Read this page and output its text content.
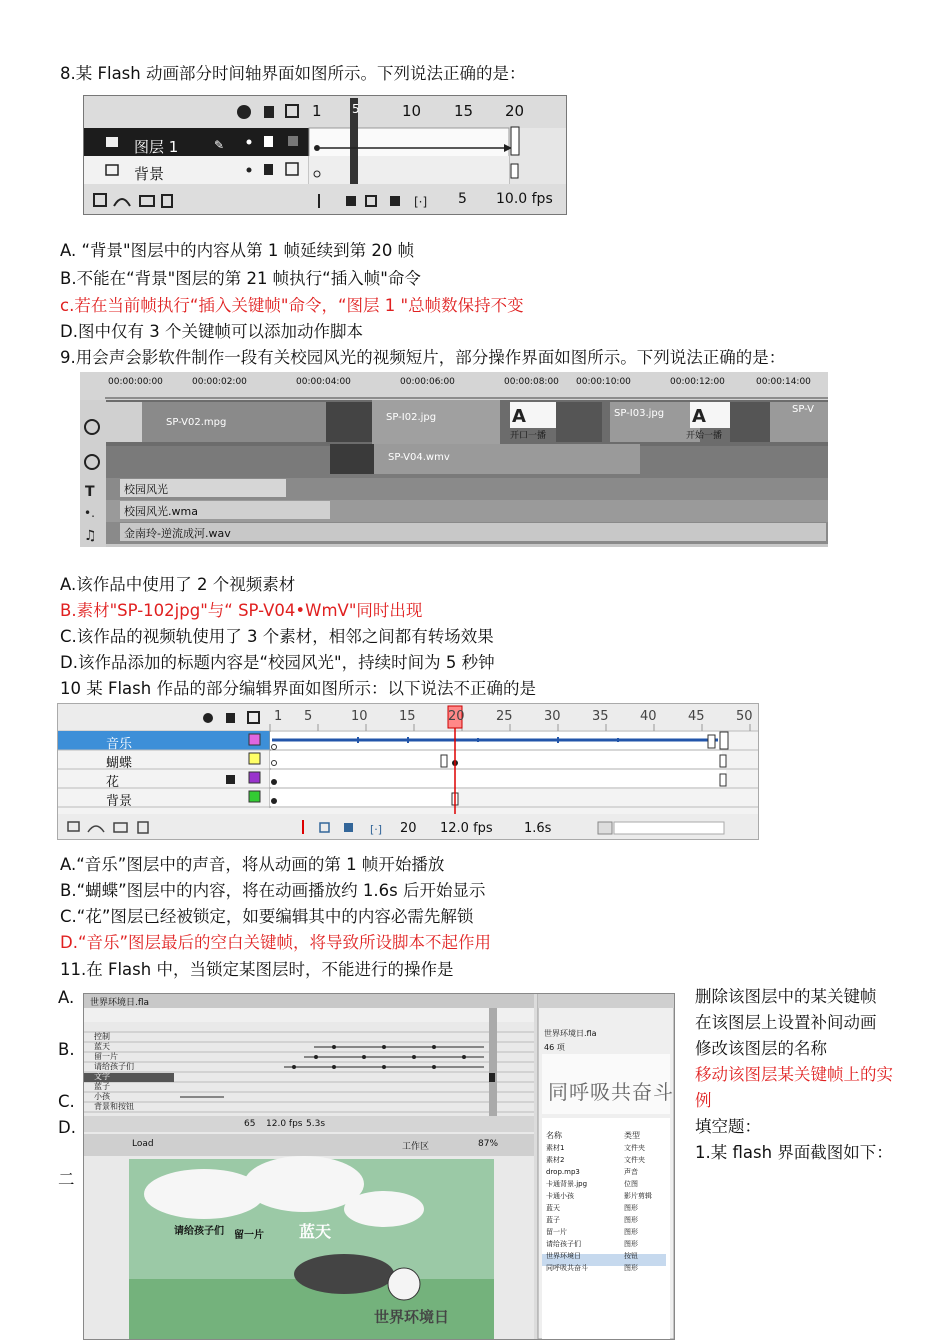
8.某 Flash 动画部分时间轴界面如图所示。下列说法正确的是：
✎
[·]
1	5	10 15 20
图层 1
背景
5 10.0 fps
A. “背景"图层中的内容从第 1 帧延续到第 20 帧
B.不能在“背景"图层的第 21 帧执行“插入帧"命令
c.若在当前帧执行“插入关键帧"命令，“图层 1 "总帧数保持不变
D.图中仅有 3 个关键帧可以添加动作脚本
9.用会声会影软件制作一段有关校园风光的视频短片，部分操作界面如图所示。下列说法正确的是：
T
•.
♫
A	A
00:00:00:00	00:00:02:00	00:00:04:00	00:00:06:00	00:00:08:00 00:00:10:00	00:00:12:00	00:00:14:00
SP-V02.mpg	SP-I02.jpg
开口一播
SP-I03.jpg
开始一播
SP-V
SP-V04.wmv
校园风光
校园风光.wma
金南玲-逆流成河.wav
A.该作品中使用了 2 个视频素材
B.素材"SP-102jpg"与“ SP-V04•WmV"同时出现
C.该作品的视频轨使用了 3 个素材，相邻之间都有转场效果
D.该作品添加的标题内容是“校园风光"，持续时间为 5 秒钟
10 某 Flash 作品的部分编辑界面如图所示：以下说法不正确的是
[·]
1 5	10 15 20 25 30 35 40 45 50
音乐
蝴蝶
花
背景
20 12.0 fps 1.6s
A.“音乐”图层中的声音，将从动画的第 1 帧开始播放
B.“蝴蝶”图层中的内容，将在动画播放约 1.6s 后开始显示
C.“花”图层已经被锁定，如要编辑其中的内容必需先解锁
D.“音乐”图层最后的空白关键帧，将导致所设脚本不起作用
11.在 Flash 中，当锁定某图层时，不能进行的操作是
A.
B.
C.
D.
二
世界环境日.fla
控制
蓝天
留一片
请给孩子们
文字
蓝子
小孩
背景和按钮
65 12.0 fps 5.3s
Load	工作区	87%
请给孩子们 留一片 蓝天
世界环境日
世界环境日.fla
46 项
同呼吸共奋斗
名称	类型
素材1	文件夹
素材2	文件夹
drop.mp3	声音
卡通背景.jpg	位图
卡通小孩	影片剪辑
蓝天	图形
蓝子	图形
留一片	图形
请给孩子们	图形
世界环境日	按钮
同呼吸共奋斗	图形
删除该图层中的某关键帧
在该图层上设置补间动画
修改该图层的名称
移动该图层某关键帧上的实例
填空题：
1.某 flash 界面截图如下：
